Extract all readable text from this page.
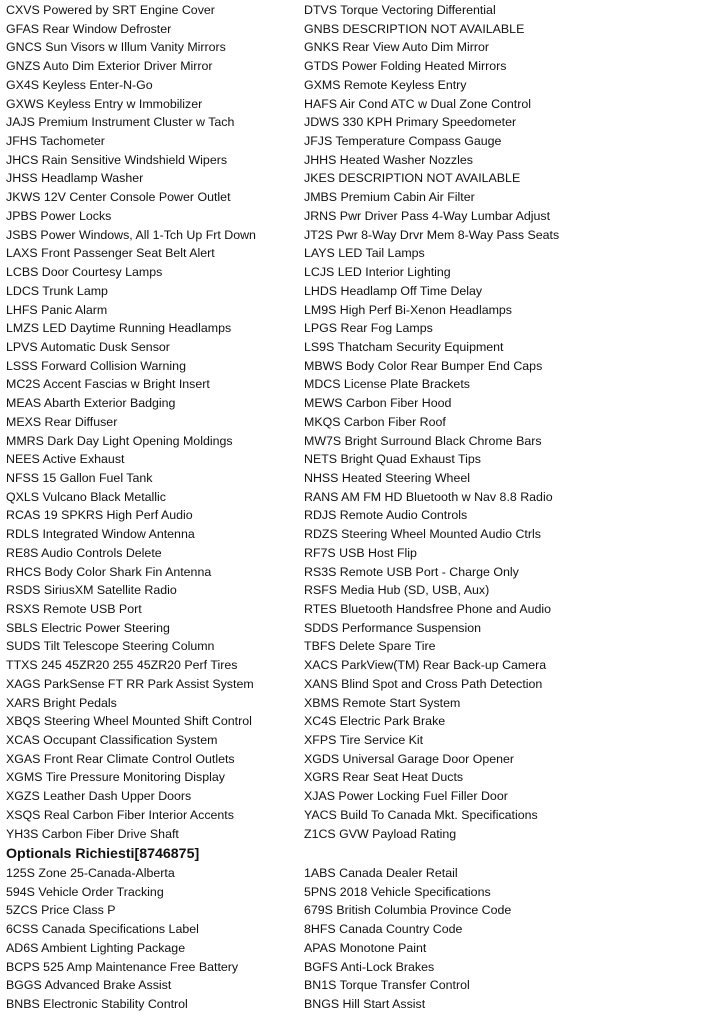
CXVS Powered by SRT Engine Cover	DTVS Torque Vectoring Differential
GFAS Rear Window Defroster	GNBS DESCRIPTION NOT AVAILABLE
GNCS Sun Visors w Illum Vanity Mirrors	GNKS Rear View Auto Dim Mirror
GNZS Auto Dim Exterior Driver Mirror	GTDS Power Folding Heated Mirrors
GX4S Keyless Enter-N-Go	GXMS Remote Keyless Entry
GXWS Keyless Entry w Immobilizer	HAFS Air Cond ATC w Dual Zone Control
JAJS Premium Instrument Cluster w Tach	JDWS 330 KPH Primary Speedometer
JFHS Tachometer	JFJS Temperature Compass Gauge
JHCS Rain Sensitive Windshield Wipers	JHHS Heated Washer Nozzles
JHSS Headlamp Washer	JKES DESCRIPTION NOT AVAILABLE
JKWS 12V Center Console Power Outlet	JMBS Premium Cabin Air Filter
JPBS Power Locks	JRNS Pwr Driver Pass 4-Way Lumbar Adjust
JSBS Power Windows, All 1-Tch Up Frt Down	JT2S Pwr 8-Way Drvr Mem 8-Way Pass Seats
LAXS Front Passenger Seat Belt Alert	LAYS LED Tail Lamps
LCBS Door Courtesy Lamps	LCJS LED Interior Lighting
LDCS Trunk Lamp	LHDS Headlamp Off Time Delay
LHFS Panic Alarm	LM9S High Perf Bi-Xenon Headlamps
LMZS LED Daytime Running Headlamps	LPGS Rear Fog Lamps
LPVS Automatic Dusk Sensor	LS9S Thatcham Security Equipment
LSSS Forward Collision Warning	MBWS Body Color Rear Bumper End Caps
MC2S Accent Fascias w Bright Insert	MDCS License Plate Brackets
MEAS Abarth Exterior Badging	MEWS Carbon Fiber Hood
MEXS Rear Diffuser	MKQS Carbon Fiber Roof
MMRS Dark Day Light Opening Moldings	MW7S Bright Surround Black Chrome Bars
NEES Active Exhaust	NETS Bright Quad Exhaust Tips
NFSS 15 Gallon Fuel Tank	NHSS Heated Steering Wheel
QXLS Vulcano Black Metallic	RANS AM FM HD Bluetooth w Nav 8.8 Radio
RCAS 19 SPKRS High Perf Audio	RDJS Remote Audio Controls
RDLS Integrated Window Antenna	RDZS Steering Wheel Mounted Audio Ctrls
RE8S Audio Controls Delete	RF7S USB Host Flip
RHCS Body Color Shark Fin Antenna	RS3S Remote USB Port - Charge Only
RSDS SiriusXM Satellite Radio	RSFS Media Hub (SD, USB, Aux)
RSXS Remote USB Port	RTES Bluetooth Handsfree Phone and Audio
SBLS Electric Power Steering	SDDS Performance Suspension
SUDS Tilt Telescope Steering Column	TBFS Delete Spare Tire
TTXS 245 45ZR20 255 45ZR20 Perf Tires	XACS ParkView(TM) Rear Back-up Camera
XAGS ParkSense FT RR Park Assist System	XANS Blind Spot and Cross Path Detection
XARS Bright Pedals	XBMS Remote Start System
XBQS Steering Wheel Mounted Shift Control	XC4S Electric Park Brake
XCAS Occupant Classification System	XFPS Tire Service Kit
XGAS Front Rear Climate Control Outlets	XGDS Universal Garage Door Opener
XGMS Tire Pressure Monitoring Display	XGRS Rear Seat Heat Ducts
XGZS Leather Dash Upper Doors	XJAS Power Locking Fuel Filler Door
XSQS Real Carbon Fiber Interior Accents	YACS Build To Canada Mkt. Specifications
YH3S Carbon Fiber Drive Shaft	Z1CS GVW Payload Rating
Optionals Richiesti[8746875]
125S Zone 25-Canada-Alberta	1ABS Canada Dealer Retail
594S Vehicle Order Tracking	5PNS 2018 Vehicle Specifications
5ZCS Price Class P	679S British Columbia Province Code
6CSS Canada Specifications Label	8HFS Canada Country Code
AD6S Ambient Lighting Package	APAS Monotone Paint
BCPS 525 Amp Maintenance Free Battery	BGFS Anti-Lock Brakes
BGGS Advanced Brake Assist	BN1S Torque Transfer Control
BNBS Electronic Stability Control	BNGS Hill Start Assist
